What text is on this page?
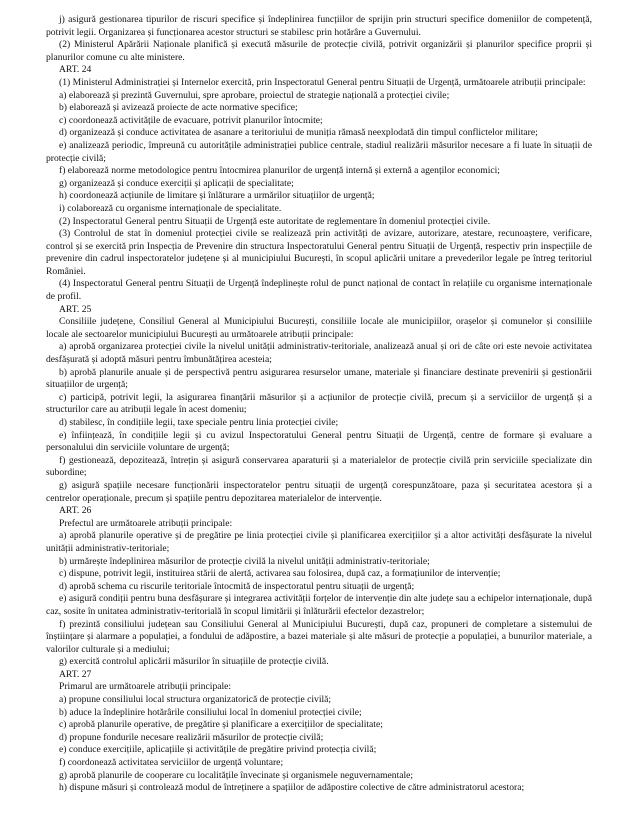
j) asigură gestionarea tipurilor de riscuri specifice și îndeplinirea funcțiilor de sprijin prin structuri specifice domeniilor de competență, potrivit legii. Organizarea și funcționarea acestor structuri se stabilesc prin hotărâre a Guvernului.

(2) Ministerul Apărării Naționale planifică și execută măsurile de protecție civilă, potrivit organizării și planurilor specifice proprii și planurilor comune cu alte ministere.

ART. 24

(1) Ministerul Administrației și Internelor exercită, prin Inspectoratul General pentru Situații de Urgență, următoarele atribuții principale:

a) elaborează și prezintă Guvernului, spre aprobare, proiectul de strategie națională a protecției civile;

b) elaborează și avizează proiecte de acte normative specifice;

c) coordonează activitățile de evacuare, potrivit planurilor întocmite;

d) organizează și conduce activitatea de asanare a teritoriului de muniția rămasă neexplodată din timpul conflictelor militare;

e) analizează periodic, împreună cu autoritățile administrației publice centrale, stadiul realizării măsurilor necesare a fi luate în situații de protecție civilă;

f) elaborează norme metodologice pentru întocmirea planurilor de urgență internă și externă a agenților economici;

g) organizează și conduce exerciții și aplicații de specialitate;

h) coordonează acțiunile de limitare și înlăturare a urmărilor situațiilor de urgență;

i) colaborează cu organisme internaționale de specialitate.

(2) Inspectoratul General pentru Situații de Urgență este autoritate de reglementare în domeniul protecției civile.

(3) Controlul de stat în domeniul protecției civile se realizează prin activități de avizare, autorizare, atestare, recunoaștere, verificare, control și se exercită prin Inspecția de Prevenire din structura Inspectoratului General pentru Situații de Urgență, respectiv prin inspecțiile de prevenire din cadrul inspectoratelor județene și al municipiului București, în scopul aplicării unitare a prevederilor legale pe întreg teritoriul României.

(4) Inspectoratul General pentru Situații de Urgență îndeplinește rolul de punct național de contact în relațiile cu organisme internaționale de profil.

ART. 25

Consiliile județene, Consiliul General al Municipiului București, consiliile locale ale municipiilor, orașelor și comunelor și consiliile locale ale sectoarelor municipiului București au următoarele atribuții principale:

a) aprobă organizarea protecției civile la nivelul unității administrativ-teritoriale, analizează anual și ori de câte ori este nevoie activitatea desfășurată și adoptă măsuri pentru îmbunătățirea acesteia;

b) aprobă planurile anuale și de perspectivă pentru asigurarea resurselor umane, materiale și financiare destinate prevenirii și gestionării situațiilor de urgență;

c) participă, potrivit legii, la asigurarea finanțării măsurilor și a acțiunilor de protecție civilă, precum și a serviciilor de urgență și a structurilor care au atribuții legale în acest domeniu;

d) stabilesc, în condițiile legii, taxe speciale pentru linia protecției civile;

e) înființează, în condițiile legii și cu avizul Inspectoratului General pentru Situații de Urgență, centre de formare și evaluare a personalului din serviciile voluntare de urgență;

f) gestionează, depozitează, întrețin și asigură conservarea aparaturii și a materialelor de protecție civilă prin serviciile specializate din subordine;

g) asigură spațiile necesare funcționării inspectoratelor pentru situații de urgență corespunzătoare, paza și securitatea acestora și a centrelor operaționale, precum și spațiile pentru depozitarea materialelor de intervenție.

ART. 26

Prefectul are următoarele atribuții principale:

a) aprobă planurile operative și de pregătire pe linia protecției civile și planificarea exercițiilor și a altor activități desfășurate la nivelul unității administrativ-teritoriale;

b) urmărește îndeplinirea măsurilor de protecție civilă la nivelul unității administrativ-teritoriale;

c) dispune, potrivit legii, instituirea stării de alertă, activarea sau folosirea, după caz, a formațiunilor de intervenție;

d) aprobă schema cu riscurile teritoriale întocmită de inspectoratul pentru situații de urgență;

e) asigură condiții pentru buna desfășurare și integrarea activității forțelor de intervenție din alte județe sau a echipelor internaționale, după caz, sosite în unitatea administrativ-teritorială în scopul limitării și înlăturării efectelor dezastrelor;

f) prezintă consiliului județean sau Consiliului General al Municipiului București, după caz, propuneri de completare a sistemului de înștiințare și alarmare a populației, a fondului de adăpostire, a bazei materiale și alte măsuri de protecție a populației, a bunurilor materiale, a valorilor culturale și a mediului;

g) exercită controlul aplicării măsurilor în situațiile de protecție civilă.

ART. 27

Primarul are următoarele atribuții principale:

a) propune consiliului local structura organizatorică de protecție civilă;

b) aduce la îndeplinire hotărârile consiliului local în domeniul protecției civile;

c) aprobă planurile operative, de pregătire și planificare a exercițiilor de specialitate;

d) propune fondurile necesare realizării măsurilor de protecție civilă;

e) conduce exercițiile, aplicațiile și activitățile de pregătire privind protecția civilă;

f) coordonează activitatea serviciilor de urgență voluntare;

g) aprobă planurile de cooperare cu localitățile învecinate și organismele neguvernamentale;

h) dispune măsuri și controlează modul de întreținere a spațiilor de adăpostire colective de către administratorul acestora;
